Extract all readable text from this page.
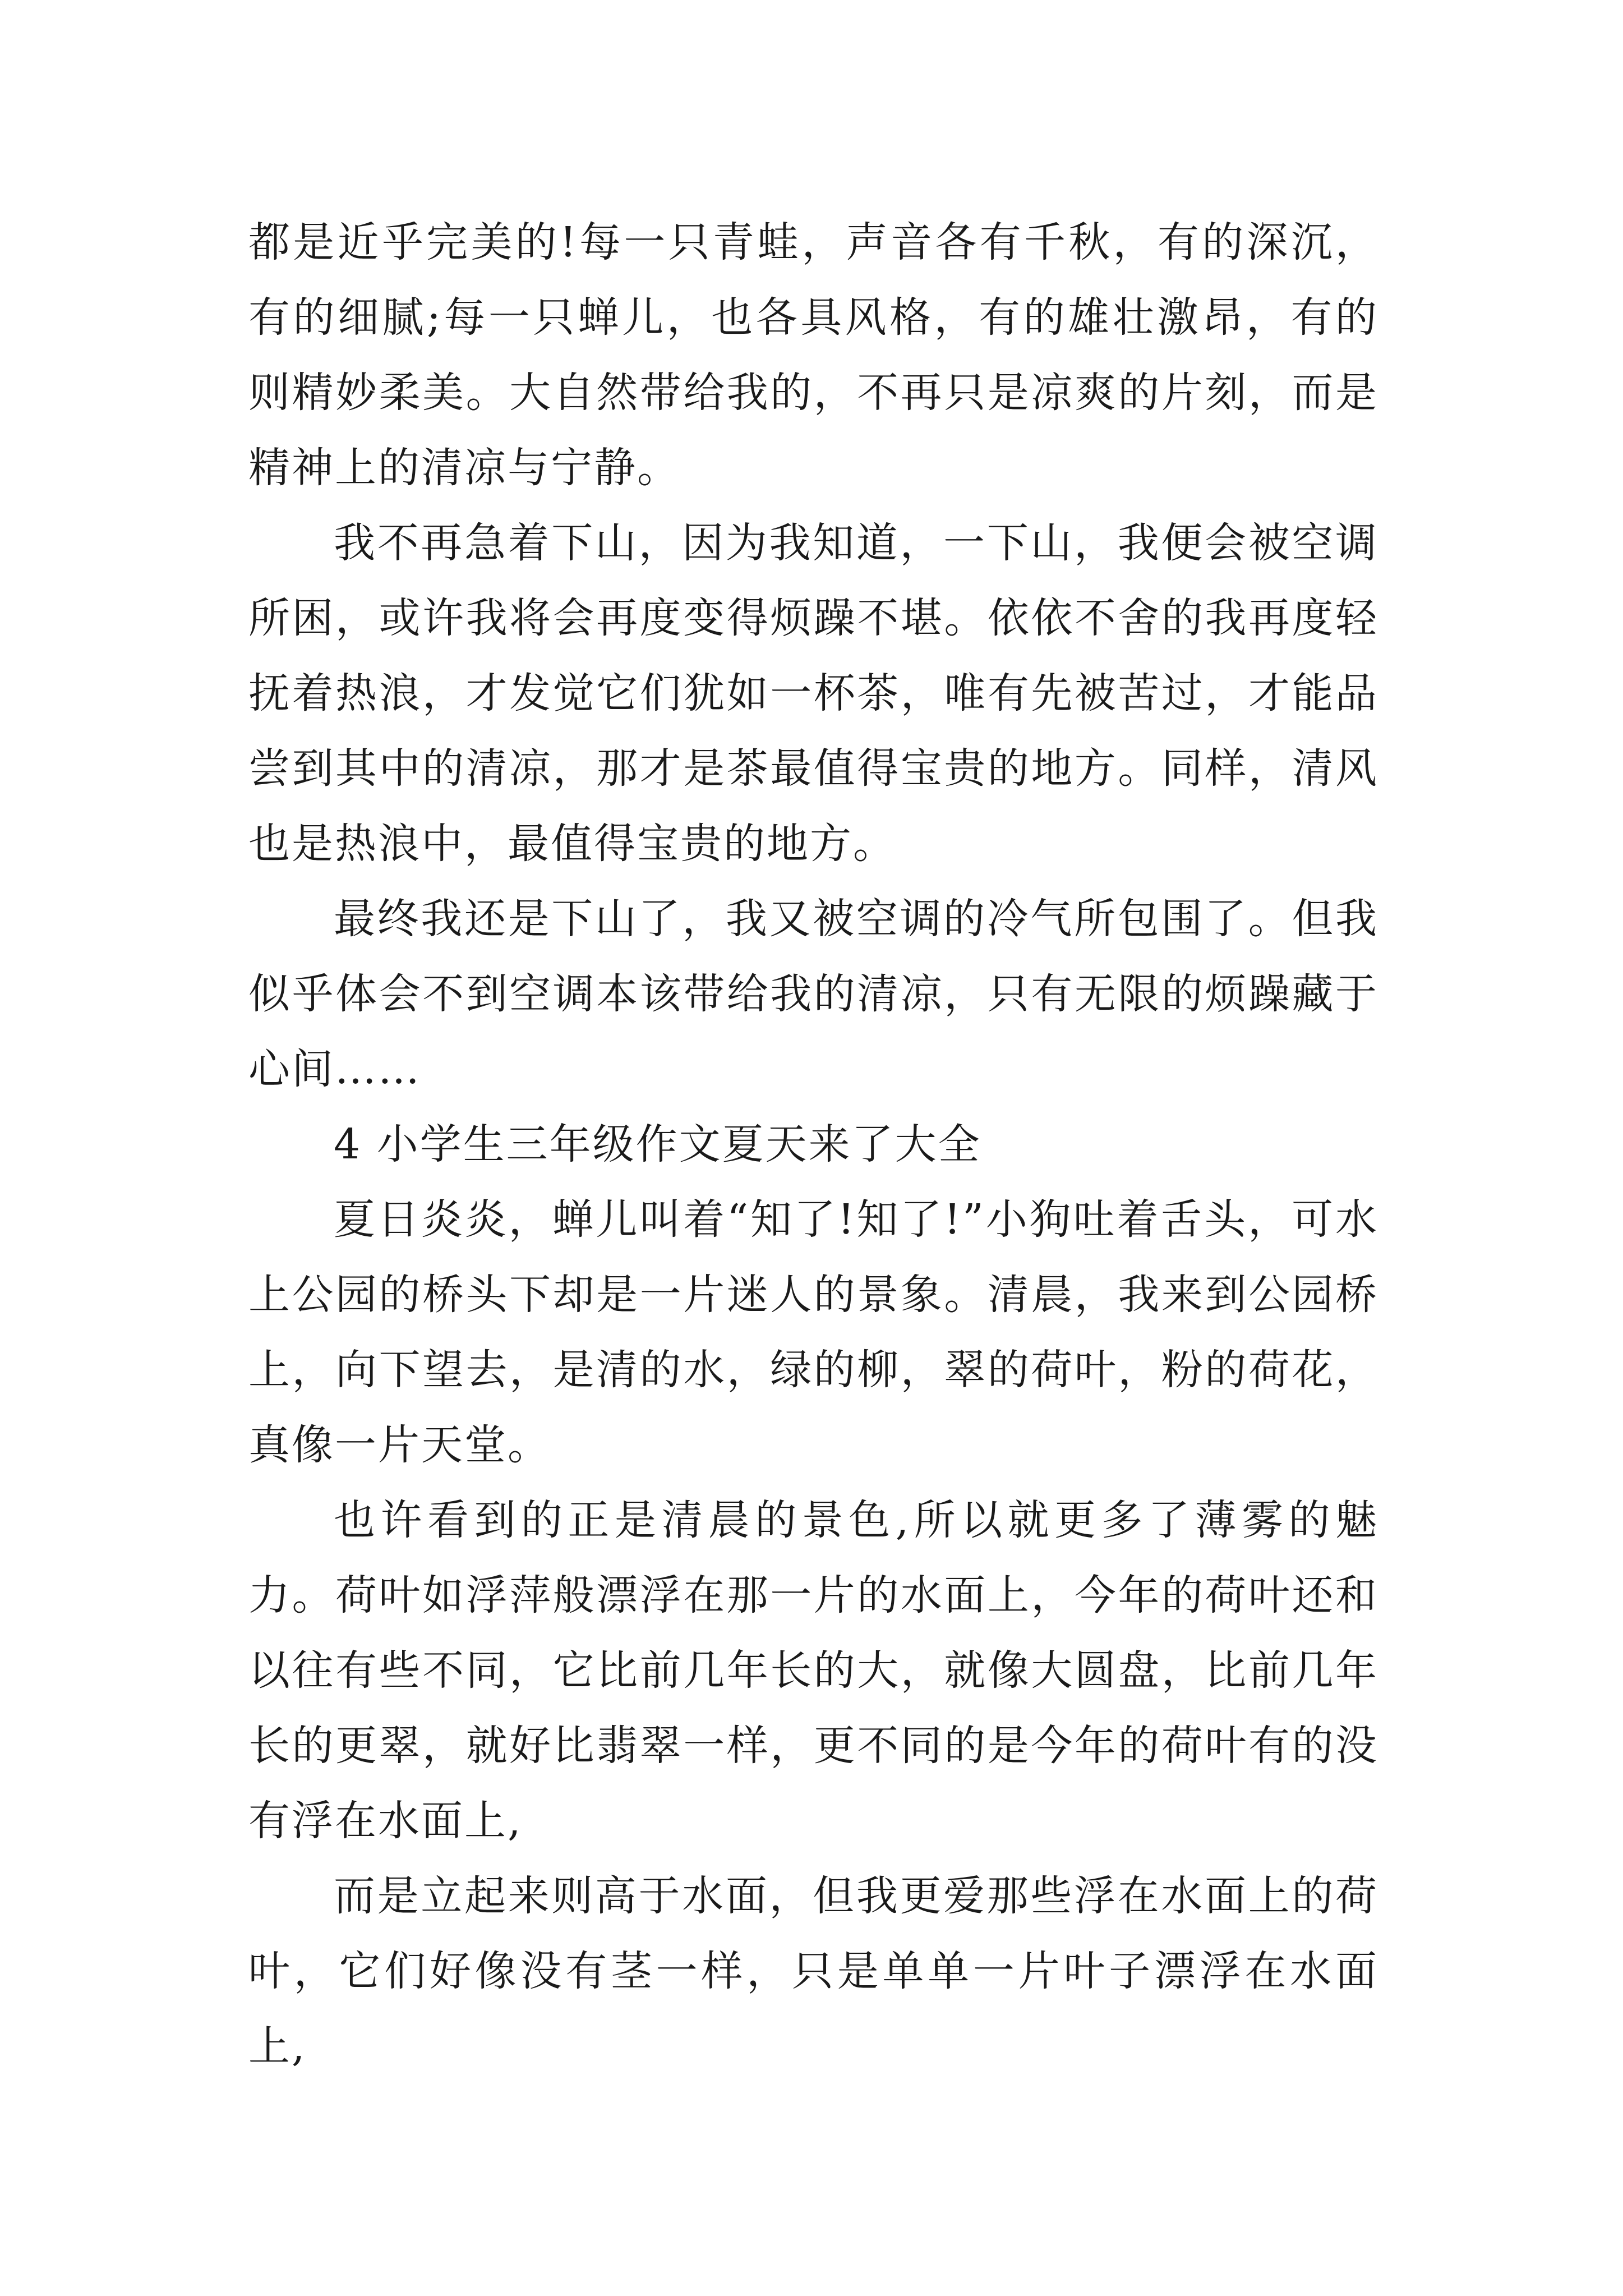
都是近乎完美的!每一只青蛙，声音各有千秋，有的深沉，有的细腻;每一只蝉儿，也各具风格，有的雄壮激昂，有的则精妙柔美。大自然带给我的，不再只是凉爽的片刻，而是精神上的清凉与宁静。

我不再急着下山，因为我知道，一下山，我便会被空调所困，或许我将会再度变得烦躁不堪。依依不舍的我再度轻抚着热浪，才发觉它们犹如一杯茶，唯有先被苦过，才能品尝到其中的清凉，那才是茶最值得宝贵的地方。同样，清风也是热浪中，最值得宝贵的地方。

最终我还是下山了，我又被空调的冷气所包围了。但我似乎体会不到空调本该带给我的清凉，只有无限的烦躁藏于心间……

4 小学生三年级作文夏天来了大全

夏日炎炎，蝉儿叫着“知了!知了!”小狗吐着舌头，可水上公园的桥头下却是一片迷人的景象。清晨，我来到公园桥上，向下望去，是清的水，绿的柳，翠的荷叶，粉的荷花，真像一片天堂。

也许看到的正是清晨的景色,所以就更多了薄雾的魅力。荷叶如浮萍般漂浮在那一片的水面上，今年的荷叶还和以往有些不同，它比前几年长的大，就像大圆盘，比前几年长的更翠，就好比翡翠一样，更不同的是今年的荷叶有的没有浮在水面上,

而是立起来则高于水面，但我更爱那些浮在水面上的荷叶，它们好像没有茎一样，只是单单一片叶子漂浮在水面上,
